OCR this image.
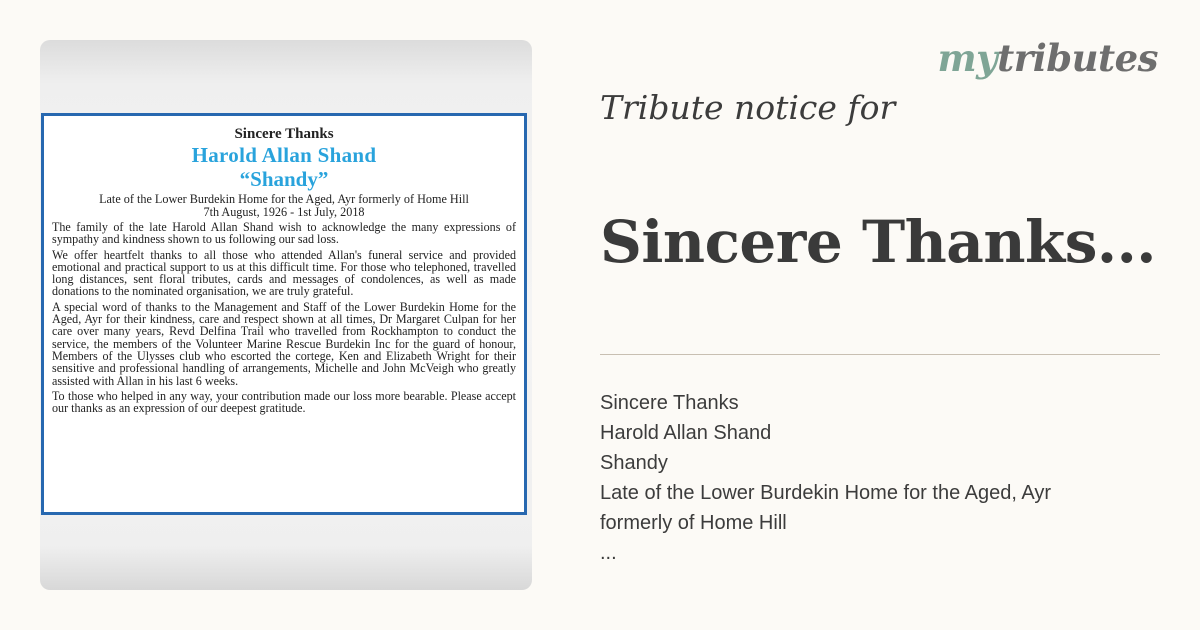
Sincere Thanks
Harold Allan Shand
“Shandy”
Late of the Lower Burdekin Home for the Aged, Ayr formerly of Home Hill
7th August, 1926 - 1st July, 2018

The family of the late Harold Allan Shand wish to acknowledge the many expressions of sympathy and kindness shown to us following our sad loss.

We offer heartfelt thanks to all those who attended Allan's funeral service and provided emotional and practical support to us at this difficult time. For those who telephoned, travelled long distances, sent floral tributes, cards and messages of condolences, as well as made donations to the nominated organisation, we are truly grateful.

A special word of thanks to the Management and Staff of the Lower Burdekin Home for the Aged, Ayr for their kindness, care and respect shown at all times, Dr Margaret Culpan for her care over many years, Revd Delfina Trail who travelled from Rockhampton to conduct the service, the members of the Volunteer Marine Rescue Burdekin Inc for the guard of honour, Members of the Ulysses club who escorted the cortege, Ken and Elizabeth Wright for their sensitive and professional handling of arrangements, Michelle and John McVeigh who greatly assisted with Allan in his last 6 weeks.

To those who helped in any way, your contribution made our loss more bearable. Please accept our thanks as an expression of our deepest gratitude.

mytributes
Tribute notice for
Sincere Thanks...
Sincere Thanks
Harold Allan Shand
Shandy
Late of the Lower Burdekin Home for the Aged, Ayr
formerly of Home Hill
...
